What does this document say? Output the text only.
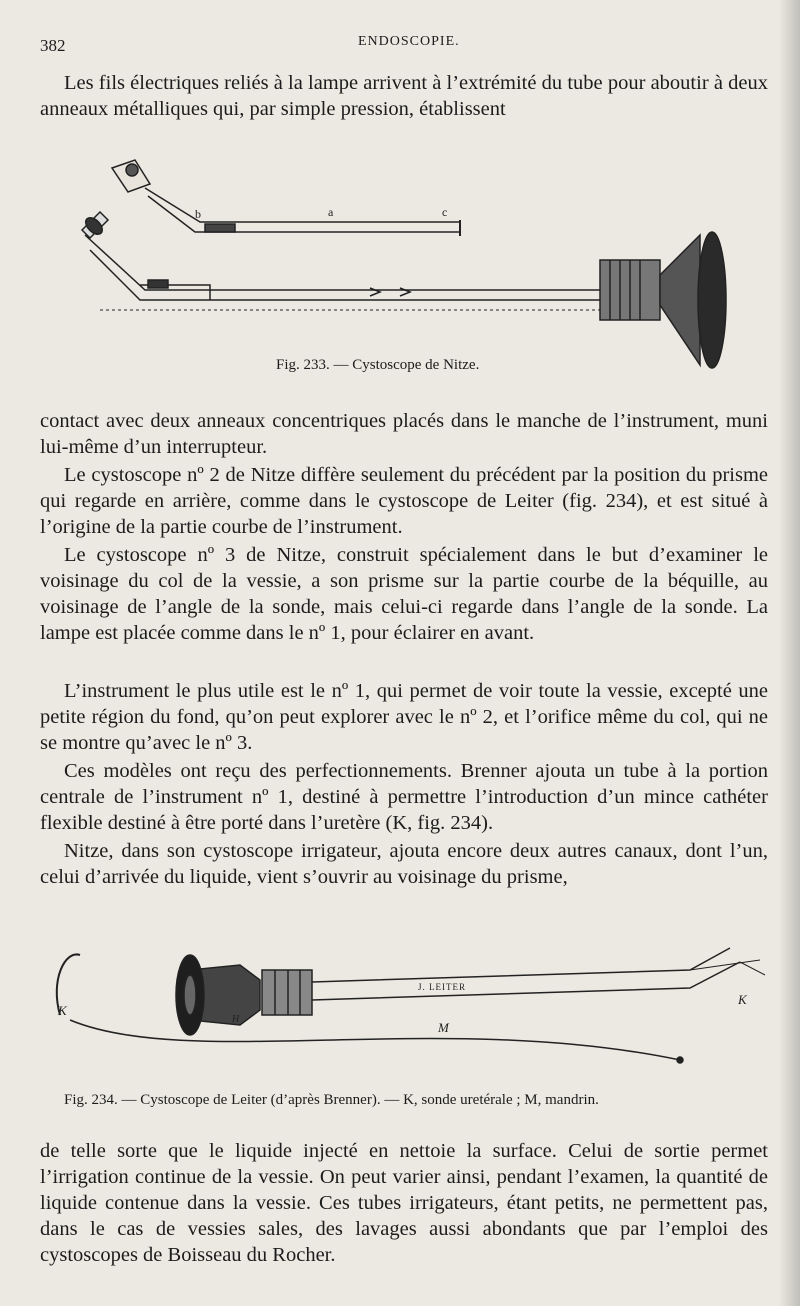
382	ENDOSCOPIE.

Les fils électriques reliés à la lampe arrivent à l’extrémité du tube pour aboutir à deux anneaux métalliques qui, par simple pression, établissent

b	a	c
Fig. 233. — Cystoscope de Nitze.

contact avec deux anneaux concentriques placés dans le manche de l’instrument, muni lui-même d’un interrupteur.

Le cystoscope nº 2 de Nitze diffère seulement du précédent par la position du prisme qui regarde en arrière, comme dans le cystoscope de Leiter (fig. 234), et est situé à l’origine de la partie courbe de l’instrument.

Le cystoscope nº 3 de Nitze, construit spécialement dans le but d’examiner le voisinage du col de la vessie, a son prisme sur la partie courbe de la béquille, au voisinage de l’angle de la sonde, mais celui-ci regarde dans l’angle de la sonde. La lampe est placée comme dans le nº 1, pour éclairer en avant.

L’instrument le plus utile est le nº 1, qui permet de voir toute la vessie, excepté une petite région du fond, qu’on peut explorer avec le nº 2, et l’orifice même du col, qui ne se montre qu’avec le nº 3.

Ces modèles ont reçu des perfectionnements. Brenner ajouta un tube à la portion centrale de l’instrument nº 1, destiné à permettre l’introduction d’un mince cathéter flexible destiné à être porté dans l’uretère (K, fig. 234).

Nitze, dans son cystoscope irrigateur, ajouta encore deux autres canaux, dont l’un, celui d’arrivée du liquide, vient s’ouvrir au voisinage du prisme,

K
K
M
H
J. LEITER
Fig. 234. — Cystoscope de Leiter (d’après Brenner). — K, sonde uretérale ; M, mandrin.

de telle sorte que le liquide injecté en nettoie la surface. Celui de sortie permet l’irrigation continue de la vessie. On peut varier ainsi, pendant l’examen, la quantité de liquide contenue dans la vessie. Ces tubes irrigateurs, étant petits, ne permettent pas, dans le cas de vessies sales, des lavages aussi abondants que par l’emploi des cystoscopes de Boisseau du Rocher.
